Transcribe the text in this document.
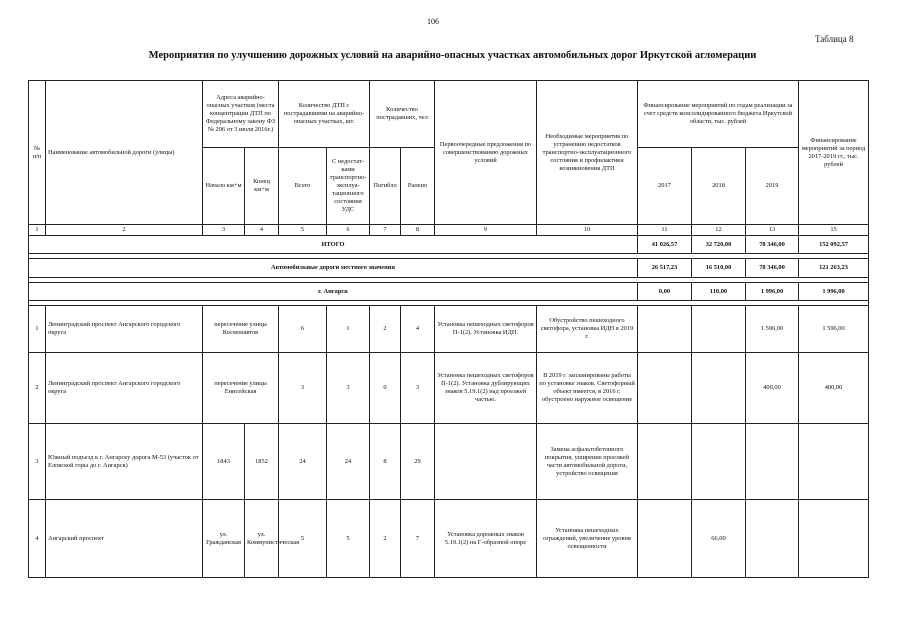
106
Таблица 8
Мероприятия по улучшению дорожных условий на аварийно-опасных участках автомобильных дорог Иркутской агломерации
№ п/п	Наименование автомобильной дороги (улицы)	Адреса аварийно-опасных участков (места концентрации ДТП по Федеральному закону ФЗ № 296 от 3 июля 2016г.)		Количество ДТП с пострадавшими на аварийно-опасных участках, шт.		Количество пострадавших, чел		Первоочередные предложения по совершенствованию дорожных условий	Необходимые мероприятия по устранению недостатков транспортно-эксплуатационного состояния и профилактики возникновения ДТП	Финансирование мероприятий по годам реализации за счет средств консолидированного бюджета Иркутской области, тыс. рублей			Финансирование мероприятий за период 2017-2019 гг., тыс. рублей
		Начало км+м	Конец км+м	Всего	С недостат-ками транспортно-эксплуа-тационного состояния УДС	Погибло	Ранено			2017	2018	2019	
1	2	3	4	5	6	7	8	9	10	11	12	13	15
ИТОГО										41 026,57	32 720,00	78 346,00	152 092,57

Автомобильные дороги местного значения										26 517,23	16 510,00	78 346,00	121 263,23

г. Ангарск										0,00	110,00	1 996,00	1 996,00

1	Ленинградский проспект Ангарского городского округа	пересечение улицы Космонавтов		6	1	2	4	Установка пешеходных светофоров П-1(2). Установка ИДН.	Обустройство пешеходного светофора, установка ИДН в 2019 г.			1 596,00	1 596,00
2	Ленинградский проспект Ангарского городского округа	пересечение улицы Енисейская		3	3	0	3	Установка пешеходных светофоров П-1(2). Установка дублирующих знаков 5.19.1(2) над проезжей частью.	В 2019 г. запланированы работы по установке знаков. Светофорный объект имеется, в 2016 г. обустроено наружное освещение			400,00	400,00
3	Южный подъезд к г. Ангарску дорога М-53 (участок от Еловской горы до г. Ангарск)	1843	1852	24	24	8	29		Замена асфальтобетонного покрытия, уширение проезжей части автомобильной дороги, устройство освещения				
4	Ангарский проспект	ул. Гражданская	ул. Коммунистическая	5	5	2	7	Установка дорожных знаков 5.19.1(2) на Г-образной опоре	Установка пешеходных ограждений, увеличение уровня освещенности		66,00		
